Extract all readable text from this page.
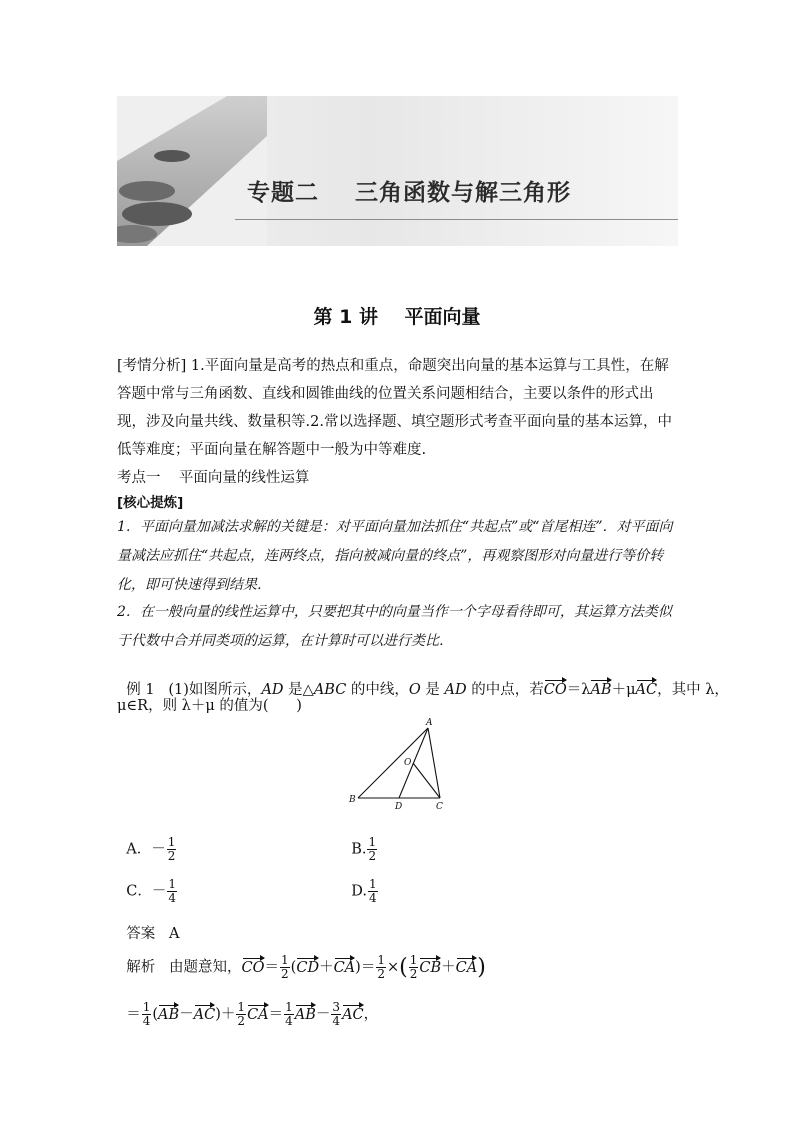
专题二    三角函数与解三角形
第 1 讲    平面向量
[考情分析] 1.平面向量是高考的热点和重点，命题突出向量的基本运算与工具性，在解答题中常与三角函数、直线和圆锥曲线的位置关系问题相结合，主要以条件的形式出现，涉及向量共线、数量积等.2.常以选择题、填空题形式考查平面向量的基本运算，中低等难度；平面向量在解答题中一般为中等难度.
考点一    平面向量的线性运算
[核心提炼]
1．平面向量加减法求解的关键是：对平面向量加法抓住“共起点”或“首尾相连”．对平面向量减法应抓住“共起点，连两终点，指向被减向量的终点”，再观察图形对向量进行等价转化，即可快速得到结果．
2．在一般向量的线性运算中，只要把其中的向量当作一个字母看待即可，其运算方法类似于代数中合并同类项的运算，在计算时可以进行类比．

例 1 (1)如图所示，AD 是△ABC 的中线，O 是 AD 的中点，若CO＝λAB＋μAC，其中 λ，

μ∈R，则 λ＋μ 的值为(      )
A
B
C
D
O

A．－ $\frac{1}{2}$	B. $\frac{1}{2}$

C．－ $\frac{1}{4}$	D. $\frac{1}{4}$

答案 A

解析 由题意知，$CO= \frac{1}{2} (CD+CA)= \frac{1}{2}$ ×( $\frac{1}{2} CB+CA$)

＝ $\frac{1}{4} (AB-AC)+ \frac{1}{2} CA= \frac{1}{4} AB- \frac{3}{4}$ AC，
